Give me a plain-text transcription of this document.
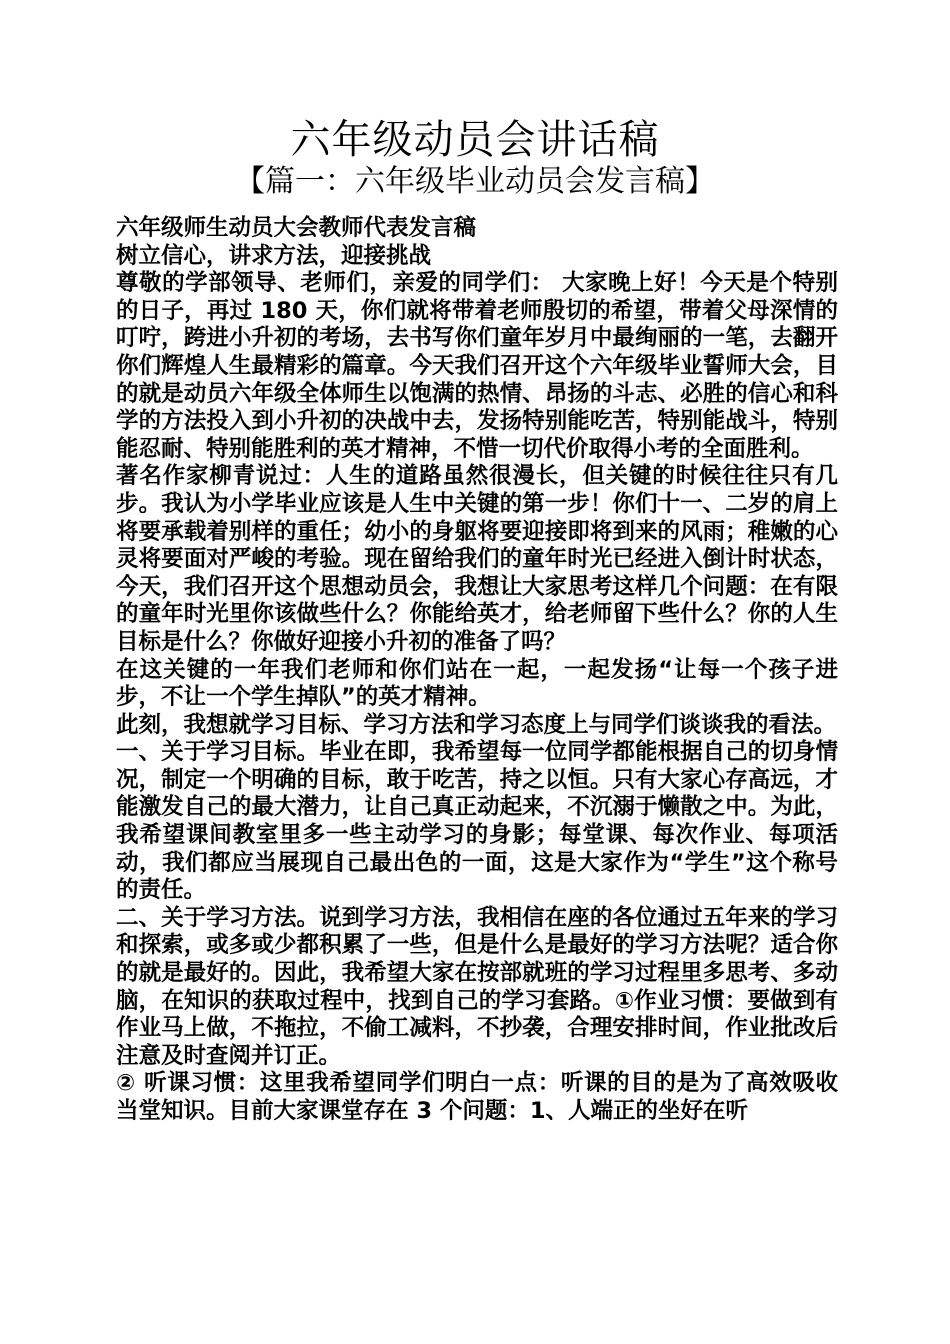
六年级动员会讲话稿
【篇一：六年级毕业动员会发言稿】

六年级师生动员大会教师代表发言稿

树立信心，讲求方法，迎接挑战

尊敬的学部领导、老师们，亲爱的同学们： 大家晚上好！今天是个特别的日子，再过 180 天，你们就将带着老师殷切的希望，带着父母深情的叮咛，跨进小升初的考场，去书写你们童年岁月中最绚丽的一笔，去翻开你们辉煌人生最精彩的篇章。今天我们召开这个六年级毕业誓师大会，目的就是动员六年级全体师生以饱满的热情、昂扬的斗志、必胜的信心和科学的方法投入到小升初的决战中去，发扬特别能吃苦，特别能战斗，特别能忍耐、特别能胜利的英才精神，不惜一切代价取得小考的全面胜利。

著名作家柳青说过：人生的道路虽然很漫长，但关键的时候往往只有几步。我认为小学毕业应该是人生中关键的第一步！你们十一、二岁的肩上将要承载着别样的重任；幼小的身躯将要迎接即将到来的风雨；稚嫩的心灵将要面对严峻的考验。现在留给我们的童年时光已经进入倒计时状态，今天，我们召开这个思想动员会，我想让大家思考这样几个问题：在有限的童年时光里你该做些什么？你能给英才，给老师留下些什么？你的人生目标是什么？你做好迎接小升初的准备了吗？

在这关键的一年我们老师和你们站在一起，一起发扬“让每一个孩子进步，不让一个学生掉队”的英才精神。

此刻，我想就学习目标、学习方法和学习态度上与同学们谈谈我的看法。

一、关于学习目标。毕业在即，我希望每一位同学都能根据自己的切身情况，制定一个明确的目标，敢于吃苦，持之以恒。只有大家心存高远，才能激发自己的最大潜力，让自己真正动起来，不沉溺于懒散之中。为此，我希望课间教室里多一些主动学习的身影；每堂课、每次作业、每项活动，我们都应当展现自己最出色的一面，这是大家作为“学生”这个称号的责任。

二、关于学习方法。说到学习方法，我相信在座的各位通过五年来的学习和探索，或多或少都积累了一些，但是什么是最好的学习方法呢？适合你的就是最好的。因此，我希望大家在按部就班的学习过程里多思考、多动脑，在知识的获取过程中，找到自己的学习套路。①作业习惯：要做到有作业马上做，不拖拉，不偷工减料，不抄袭，合理安排时间，作业批改后注意及时查阅并订正。

② 听课习惯：这里我希望同学们明白一点：听课的目的是为了高效吸收当堂知识。目前大家课堂存在 3 个问题：1、人端正的坐好在听
